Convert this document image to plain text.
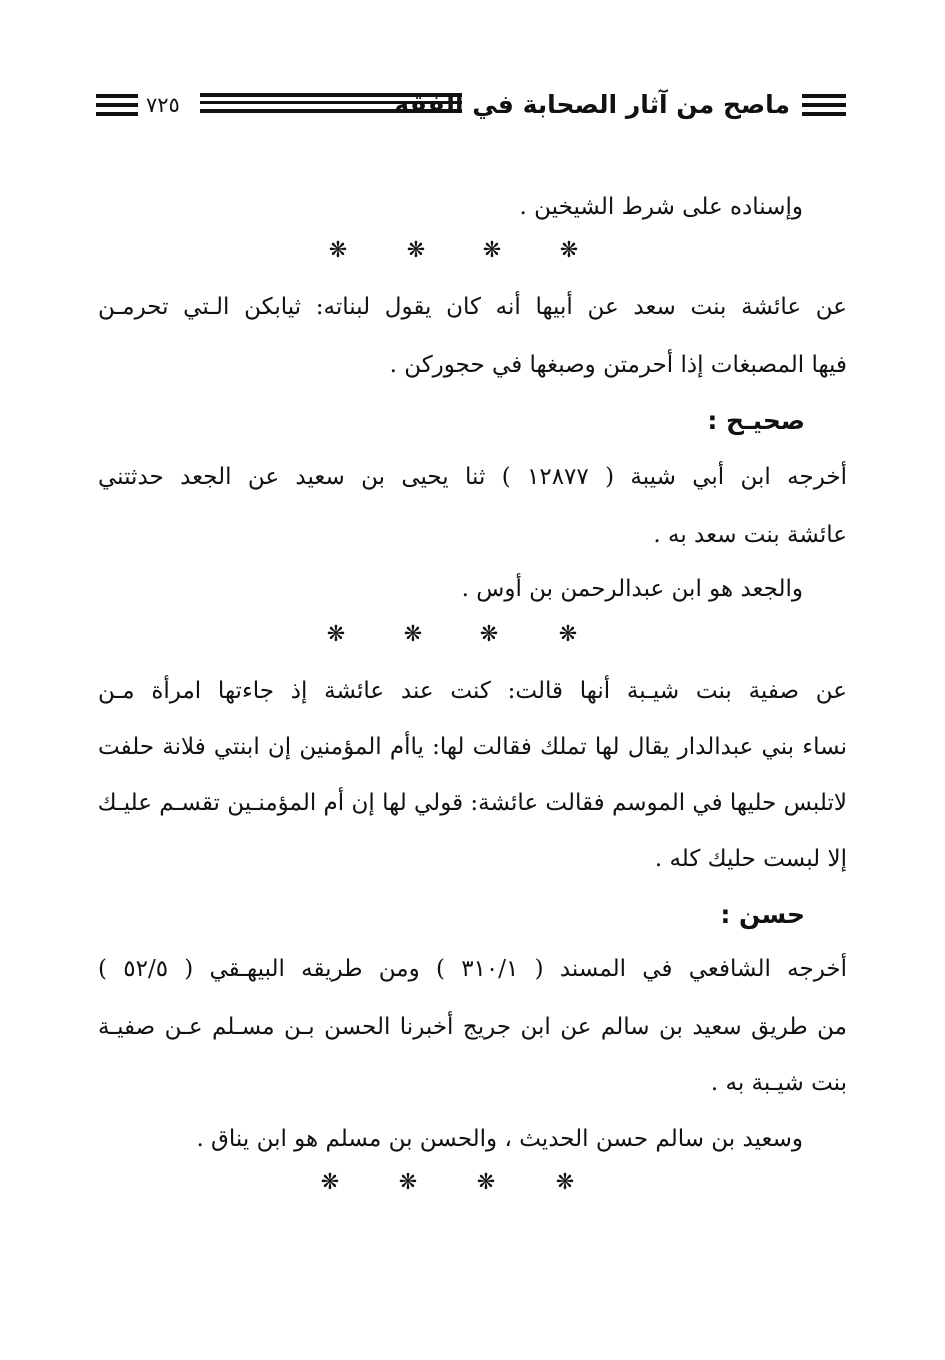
٧٢٥	ماصح من آثار الصحابة في الفقه
وإسناده على شرط الشيخين .
❋	❋	❋	❋
عن عائشة بنت سعد عن أبيها أنه كان يقول لبناته: ثيابكن الـتي تحرمـن
فيها المصبغات إذا أحرمتن وصبغها في حجوركن .
صحيـح :
أخرجه ابن أبي شيبة ( ١٢٨٧٧ ) ثنا يحيى بن سعيد عن الجعد حدثتني
عائشة بنت سعد به .
والجعد هو ابن عبدالرحمن بن أوس .
❋	❋	❋	❋
عن صفية بنت شيـبة أنها قالت: كنت عند عائشة إذ جاءتها امرأة مـن
نساء بني عبدالدار يقال لها تملك فقالت لها: ياأم المؤمنين إن ابنتي فلانة حلفت
لاتلبس حليها في الموسم فقالت عائشة: قولي لها إن أم المؤمنـين تقسـم عليـك
إلا لبست حليك كله .
حسن :
أخرجه الشافعي في المسند ( ٣١٠/١ ) ومن طريقه البيهـقي ( ٥٢/٥ )
من طريق سعيد بن سالم عن ابن جريج أخبرنا الحسن بـن مسـلم عـن صفيـة
بنت شيـبة به .
وسعيد بن سالم حسن الحديث ، والحسن بن مسلم هو ابن يناق .
❋	❋	❋	❋
